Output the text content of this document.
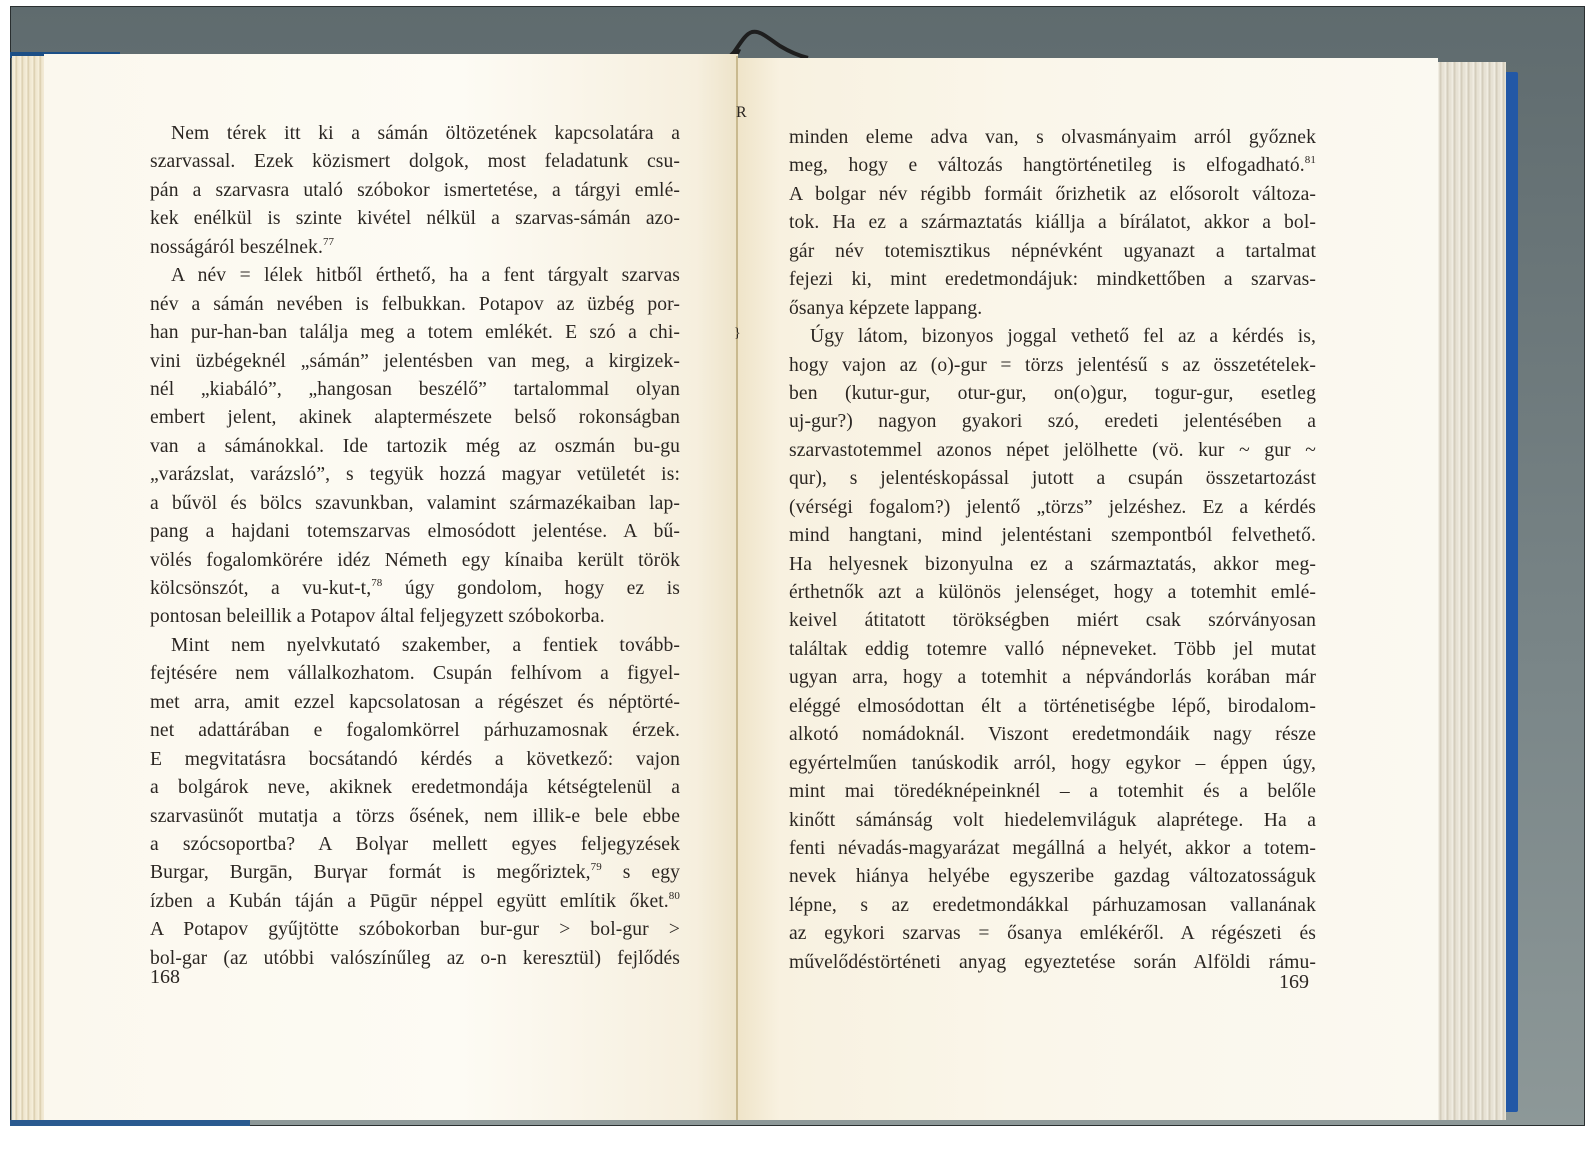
Nem térek itt ki a sámán öltözetének kapcsolatára a
szarvassal. Ezek közismert dolgok, most feladatunk csu-
pán a szarvasra utaló szóbokor ismertetése, a tárgyi emlé-
kek enélkül is szinte kivétel nélkül a szarvas-sámán azo-
nosságáról beszélnek.$^{77}$
A név = lélek hitből érthető, ha a fent tárgyalt szarvas
név a sámán nevében is felbukkan. Potapov az üzbég por-
han pur-han-ban találja meg a totem emlékét. E szó a chi-
vini üzbégeknél „sámán” jelentésben van meg, a kirgizek-
nél „kiabáló”, „hangosan beszélő” tartalommal olyan
embert jelent, akinek alaptermészete belső rokonságban
van a sámánokkal. Ide tartozik még az oszmán bu-gu
„varázslat, varázsló”, s tegyük hozzá magyar vetületét is:
a bűvöl és bölcs szavunkban, valamint származékaiban lap-
pang a hajdani totemszarvas elmosódott jelentése. A bű-
völés fogalomkörére idéz Németh egy kínaiba került török
kölcsönszót, a vu-kut-t,$^{78}$ úgy gondolom, hogy ez is
pontosan beleillik a Potapov által feljegyzett szóbokorba.
Mint nem nyelvkutató szakember, a fentiek tovább-
fejtésére nem vállalkozhatom. Csupán felhívom a figyel-
met arra, amit ezzel kapcsolatosan a régészet és néptörté-
net adattárában e fogalomkörrel párhuzamosnak érzek.
E megvitatásra bocsátandó kérdés a következő: vajon
a bolgárok neve, akiknek eredetmondája kétségtelenül a
szarvasünőt mutatja a törzs ősének, nem illik-e bele ebbe
a szócsoportba? A Bolγar mellett egyes feljegyzések
Burgar, Burgān, Burγar formát is megőriztek,$^{79}$ s egy
ízben a Kubán táján a Pūgūr néppel együtt említik őket.$^{80}$
A Potapov gyűjtötte szóbokorban bur-gur > bol-gur >
bol-gar (az utóbbi valószínűleg az o-n keresztül) fejlődés
minden eleme adva van, s olvasmányaim arról győznek
meg, hogy e változás hangtörténetileg is elfogadható.$^{81}$
A bolgar név régibb formáit őrizhetik az elősorolt változa-
tok. Ha ez a származtatás kiállja a bírálatot, akkor a bol-
gár név totemisztikus népnévként ugyanazt a tartalmat
fejezi ki, mint eredetmondájuk: mindkettőben a szarvas-
ősanya képzete lappang.
Úgy látom, bizonyos joggal vethető fel az a kérdés is,
hogy vajon az (o)-gur = törzs jelentésű s az összetételek-
ben (kutur-gur, otur-gur, on(o)gur, togur-gur, esetleg
uj-gur?) nagyon gyakori szó, eredeti jelentésében a
szarvastotemmel azonos népet jelölhette (vö. kur ~ gur ~
qur), s jelentéskopással jutott a csupán összetartozást
(vérségi fogalom?) jelentő „törzs” jelzéshez. Ez a kérdés
mind hangtani, mind jelentéstani szempontból felvethető.
Ha helyesnek bizonyulna ez a származtatás, akkor meg-
érthetnők azt a különös jelenséget, hogy a totemhit emlé-
keivel átitatott törökségben miért csak szórványosan
találtak eddig totemre valló népneveket. Több jel mutat
ugyan arra, hogy a totemhit a népvándorlás korában már
eléggé elmosódottan élt a történetiségbe lépő, birodalom-
alkotó nomádoknál. Viszont eredetmondáik nagy része
egyértelműen tanúskodik arról, hogy egykor – éppen úgy,
mint mai töredéknépeinknél – a totemhit és a belőle
kinőtt sámánság volt hiedelemviláguk alaprétege. Ha a
fenti névadás-magyarázat megállná a helyét, akkor a totem-
nevek hiánya helyébe egyszeribe gazdag változatosságuk
lépne, s az eredetmondákkal párhuzamosan vallanának
az egykori szarvas = ősanya emlékéről. A régészeti és
művelődéstörténeti anyag egyeztetése során Alföldi rámu-
168	169
R
}
